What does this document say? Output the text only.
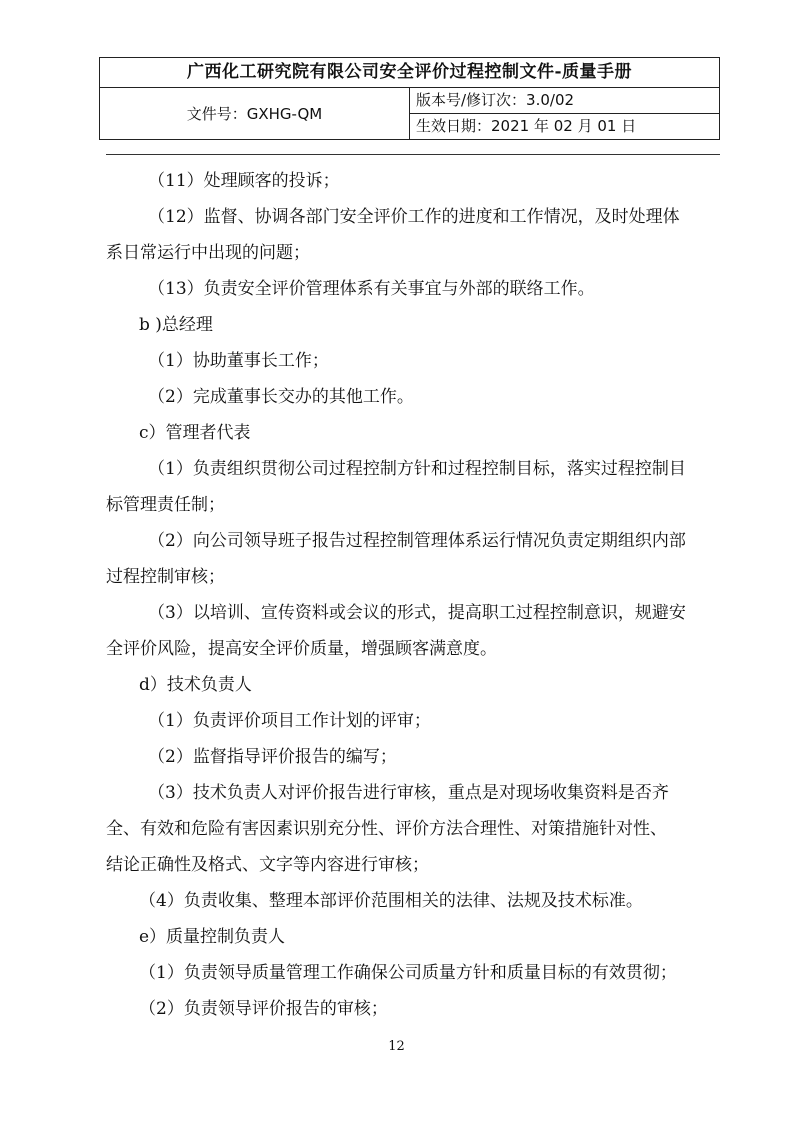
广西化工研究院有限公司安全评价过程控制文件-质量手册
文件号：GXHG-QM	版本号/修订次：3.0/02
生效日期：2021 年 02 月 01 日
（11）处理顾客的投诉；
（12）监督、协调各部门安全评价工作的进度和工作情况，及时处理体
系日常运行中出现的问题；
（13）负责安全评价管理体系有关事宜与外部的联络工作。
b )总经理
（1）协助董事长工作；
（2）完成董事长交办的其他工作。
c）管理者代表
（1）负责组织贯彻公司过程控制方针和过程控制目标，落实过程控制目
标管理责任制；
（2）向公司领导班子报告过程控制管理体系运行情况负责定期组织内部
过程控制审核；
（3）以培训、宣传资料或会议的形式，提高职工过程控制意识，规避安
全评价风险，提高安全评价质量，增强顾客满意度。
d）技术负责人
（1）负责评价项目工作计划的评审；
（2）监督指导评价报告的编写；
（3）技术负责人对评价报告进行审核，重点是对现场收集资料是否齐
全、有效和危险有害因素识别充分性、评价方法合理性、对策措施针对性、
结论正确性及格式、文字等内容进行审核；
（4）负责收集、整理本部评价范围相关的法律、法规及技术标准。
e）质量控制负责人
（1）负责领导质量管理工作确保公司质量方针和质量目标的有效贯彻；
（2）负责领导评价报告的审核；
12
